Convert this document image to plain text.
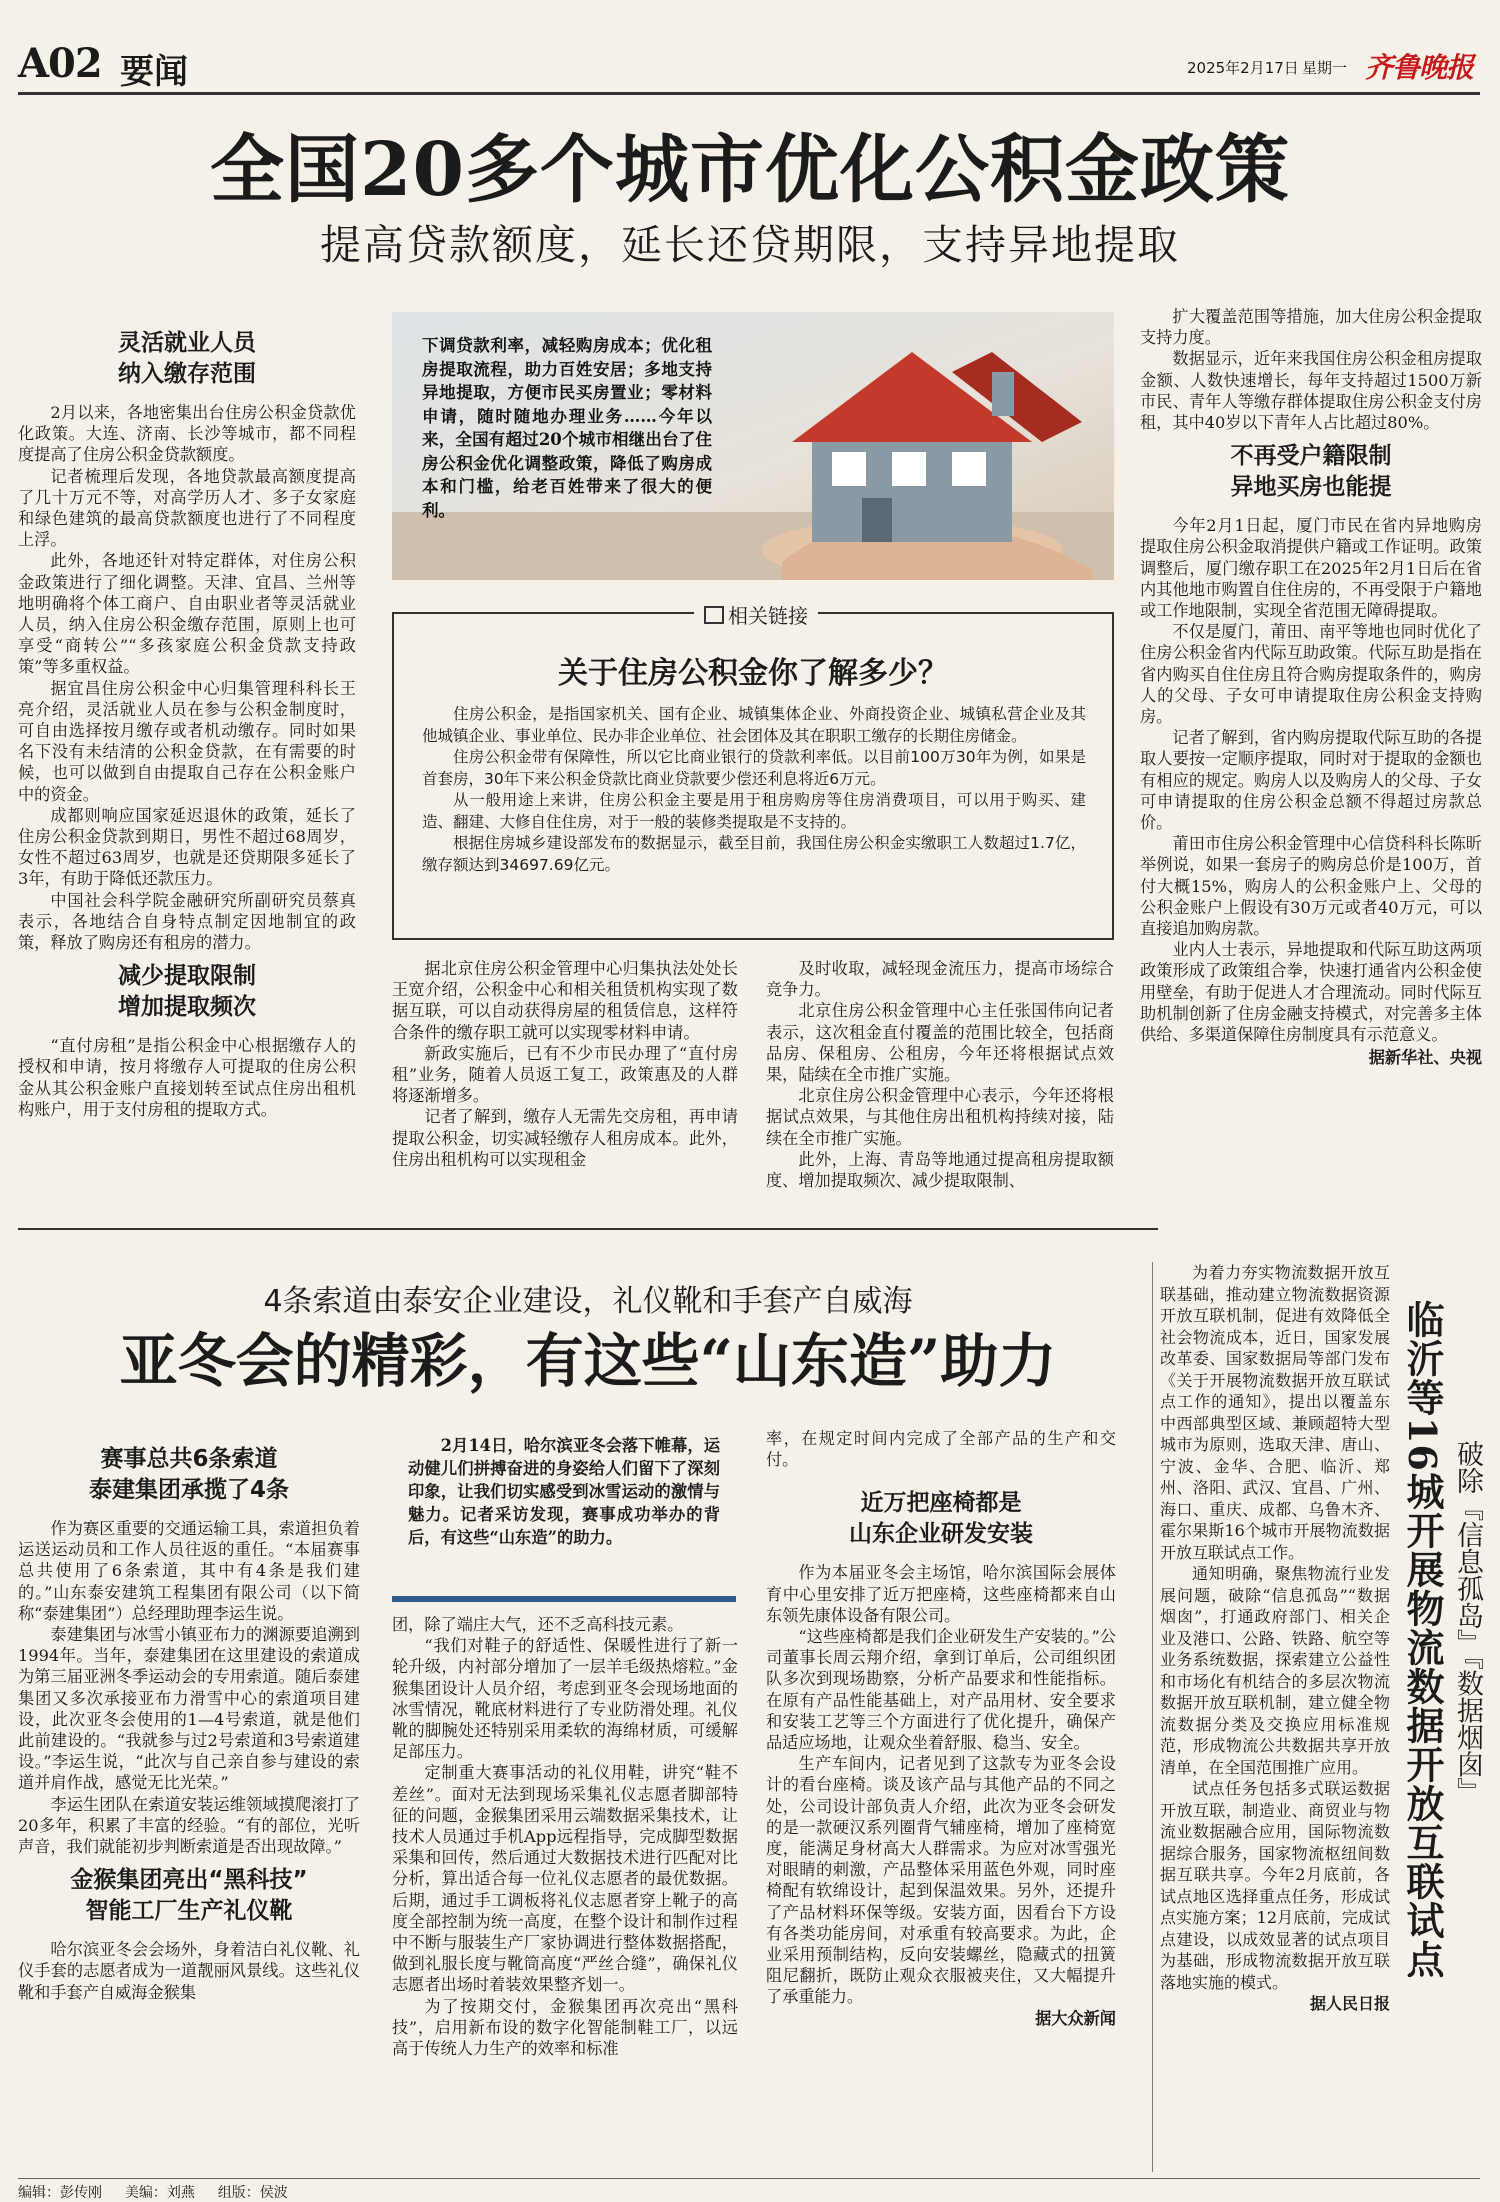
A02 要闻	2025年2月17日 星期一 齐鲁晚报
全国20多个城市优化公积金政策
提高贷款额度，延长还贷期限，支持异地提取
灵活就业人员
纳入缴存范围

2月以来，各地密集出台住房公积金贷款优化政策。大连、济南、长沙等城市，都不同程度提高了住房公积金贷款额度。

记者梳理后发现，各地贷款最高额度提高了几十万元不等，对高学历人才、多子女家庭和绿色建筑的最高贷款额度也进行了不同程度上浮。

此外，各地还针对特定群体，对住房公积金政策进行了细化调整。天津、宜昌、兰州等地明确将个体工商户、自由职业者等灵活就业人员，纳入住房公积金缴存范围，原则上也可享受“商转公”“多孩家庭公积金贷款支持政策”等多重权益。

据宜昌住房公积金中心归集管理科科长王亮介绍，灵活就业人员在参与公积金制度时，可自由选择按月缴存或者机动缴存。同时如果名下没有未结清的公积金贷款，在有需要的时候，也可以做到自由提取自己存在公积金账户中的资金。

成都则响应国家延迟退休的政策，延长了住房公积金贷款到期日，男性不超过68周岁，女性不超过63周岁，也就是还贷期限多延长了3年，有助于降低还款压力。

中国社会科学院金融研究所副研究员蔡真表示，各地结合自身特点制定因地制宜的政策，释放了购房还有租房的潜力。

减少提取限制
增加提取频次

“直付房租”是指公积金中心根据缴存人的授权和申请，按月将缴存人可提取的住房公积金从其公积金账户直接划转至试点住房出租机构账户，用于支付房租的提取方式。

下调贷款利率，减轻购房成本；优化租房提取流程，助力百姓安居；多地支持异地提取，方便市民买房置业；零材料申请，随时随地办理业务……今年以来，全国有超过20个城市相继出台了住房公积金优化调整政策，降低了购房成本和门槛，给老百姓带来了很大的便利。
相关链接
关于住房公积金你了解多少？

住房公积金，是指国家机关、国有企业、城镇集体企业、外商投资企业、城镇私营企业及其他城镇企业、事业单位、民办非企业单位、社会团体及其在职职工缴存的长期住房储金。

住房公积金带有保障性，所以它比商业银行的贷款利率低。以目前100万30年为例，如果是首套房，30年下来公积金贷款比商业贷款要少偿还利息将近6万元。

从一般用途上来讲，住房公积金主要是用于租房购房等住房消费项目，可以用于购买、建造、翻建、大修自住住房，对于一般的装修类提取是不支持的。

根据住房城乡建设部发布的数据显示，截至目前，我国住房公积金实缴职工人数超过1.7亿，缴存额达到34697.69亿元。

据北京住房公积金管理中心归集执法处处长王宽介绍，公积金中心和相关租赁机构实现了数据互联，可以自动获得房屋的租赁信息，这样符合条件的缴存职工就可以实现零材料申请。

新政实施后，已有不少市民办理了“直付房租”业务，随着人员返工复工，政策惠及的人群将逐渐增多。

记者了解到，缴存人无需先交房租，再申请提取公积金，切实减轻缴存人租房成本。此外，住房出租机构可以实现租金

及时收取，减轻现金流压力，提高市场综合竞争力。

北京住房公积金管理中心主任张国伟向记者表示，这次租金直付覆盖的范围比较全，包括商品房、保租房、公租房，今年还将根据试点效果，陆续在全市推广实施。

北京住房公积金管理中心表示，今年还将根据试点效果，与其他住房出租机构持续对接，陆续在全市推广实施。

此外，上海、青岛等地通过提高租房提取额度、增加提取频次、减少提取限制、

扩大覆盖范围等措施，加大住房公积金提取支持力度。

数据显示，近年来我国住房公积金租房提取金额、人数快速增长，每年支持超过1500万新市民、青年人等缴存群体提取住房公积金支付房租，其中40岁以下青年人占比超过80%。

不再受户籍限制
异地买房也能提

今年2月1日起，厦门市民在省内异地购房提取住房公积金取消提供户籍或工作证明。政策调整后，厦门缴存职工在2025年2月1日后在省内其他地市购置自住住房的，不再受限于户籍地或工作地限制，实现全省范围无障碍提取。

不仅是厦门，莆田、南平等地也同时优化了住房公积金省内代际互助政策。代际互助是指在省内购买自住住房且符合购房提取条件的，购房人的父母、子女可申请提取住房公积金支持购房。

记者了解到，省内购房提取代际互助的各提取人要按一定顺序提取，同时对于提取的金额也有相应的规定。购房人以及购房人的父母、子女可申请提取的住房公积金总额不得超过房款总价。

莆田市住房公积金管理中心信贷科科长陈昕举例说，如果一套房子的购房总价是100万，首付大概15%，购房人的公积金账户上、父母的公积金账户上假设有30万元或者40万元，可以直接追加购房款。

业内人士表示，异地提取和代际互助这两项政策形成了政策组合拳，快速打通省内公积金使用壁垒，有助于促进人才合理流动。同时代际互助机制创新了住房金融支持模式，对完善多主体供给、多渠道保障住房制度具有示范意义。

据新华社、央视
4条索道由泰安企业建设，礼仪靴和手套产自威海
亚冬会的精彩，有这些“山东造”助力
赛事总共6条索道
泰建集团承揽了4条

作为赛区重要的交通运输工具，索道担负着运送运动员和工作人员往返的重任。“本届赛事总共使用了6条索道，其中有4条是我们建的。”山东泰安建筑工程集团有限公司（以下简称“泰建集团”）总经理助理李运生说。

泰建集团与冰雪小镇亚布力的渊源要追溯到1994年。当年，泰建集团在这里建设的索道成为第三届亚洲冬季运动会的专用索道。随后泰建集团又多次承接亚布力滑雪中心的索道项目建设，此次亚冬会使用的1—4号索道，就是他们此前建设的。“我就参与过2号索道和3号索道建设。”李运生说，“此次与自己亲自参与建设的索道并肩作战，感觉无比光荣。”

李运生团队在索道安装运维领域摸爬滚打了20多年，积累了丰富的经验。“有的部位，光听声音，我们就能初步判断索道是否出现故障。”

金猴集团亮出“黑科技”
智能工厂生产礼仪靴

哈尔滨亚冬会会场外，身着洁白礼仪靴、礼仪手套的志愿者成为一道靓丽风景线。这些礼仪靴和手套产自威海金猴集

2月14日，哈尔滨亚冬会落下帷幕，运动健儿们拼搏奋进的身姿给人们留下了深刻印象，让我们切实感受到冰雪运动的激情与魅力。记者采访发现，赛事成功举办的背后，有这些“山东造”的助力。

团，除了端庄大气，还不乏高科技元素。

“我们对鞋子的舒适性、保暖性进行了新一轮升级，内衬部分增加了一层羊毛级热熔粒。”金猴集团设计人员介绍，考虑到亚冬会现场地面的冰雪情况，靴底材料进行了专业防滑处理。礼仪靴的脚腕处还特别采用柔软的海绵材质，可缓解足部压力。

定制重大赛事活动的礼仪用鞋，讲究“鞋不差丝”。面对无法到现场采集礼仪志愿者脚部特征的问题，金猴集团采用云端数据采集技术，让技术人员通过手机App远程指导，完成脚型数据采集和回传，然后通过大数据技术进行匹配对比分析，算出适合每一位礼仪志愿者的最优数据。后期，通过手工调板将礼仪志愿者穿上靴子的高度全部控制为统一高度，在整个设计和制作过程中不断与服装生产厂家协调进行整体数据搭配，做到礼服长度与靴筒高度“严丝合缝”，确保礼仪志愿者出场时着装效果整齐划一。

为了按期交付，金猴集团再次亮出“黑科技”，启用新布设的数字化智能制鞋工厂，以远高于传统人力生产的效率和标准

率，在规定时间内完成了全部产品的生产和交付。

近万把座椅都是
山东企业研发安装

作为本届亚冬会主场馆，哈尔滨国际会展体育中心里安排了近万把座椅，这些座椅都来自山东领先康体设备有限公司。

“这些座椅都是我们企业研发生产安装的。”公司董事长周云翔介绍，拿到订单后，公司组织团队多次到现场勘察，分析产品要求和性能指标。在原有产品性能基础上，对产品用材、安全要求和安装工艺等三个方面进行了优化提升，确保产品适应场地，让观众坐着舒服、稳当、安全。

生产车间内，记者见到了这款专为亚冬会设计的看台座椅。谈及该产品与其他产品的不同之处，公司设计部负责人介绍，此次为亚冬会研发的是一款硬汉系列圈背气辅座椅，增加了座椅宽度，能满足身材高大人群需求。为应对冰雪强光对眼睛的刺激，产品整体采用蓝色外观，同时座椅配有软绵设计，起到保温效果。另外，还提升了产品材料环保等级。安装方面，因看台下方设有各类功能房间，对承重有较高要求。为此，企业采用预制结构，反向安装螺丝，隐藏式的扭簧阻尼翻折，既防止观众衣服被夹住，又大幅提升了承重能力。

据大众新闻

为着力夯实物流数据开放互联基础，推动建立物流数据资源开放互联机制，促进有效降低全社会物流成本，近日，国家发展改革委、国家数据局等部门发布《关于开展物流数据开放互联试点工作的通知》，提出以覆盖东中西部典型区域、兼顾超特大型城市为原则，选取天津、唐山、宁波、金华、合肥、临沂、郑州、洛阳、武汉、宜昌、广州、海口、重庆、成都、乌鲁木齐、霍尔果斯16个城市开展物流数据开放互联试点工作。

通知明确，聚焦物流行业发展问题，破除“信息孤岛”“数据烟囱”，打通政府部门、相关企业及港口、公路、铁路、航空等业务系统数据，探索建立公益性和市场化有机结合的多层次物流数据开放互联机制，建立健全物流数据分类及交换应用标准规范，形成物流公共数据共享开放清单，在全国范围推广应用。

试点任务包括多式联运数据开放互联，制造业、商贸业与物流业数据融合应用，国际物流数据综合服务，国家物流枢纽间数据互联共享。今年2月底前，各试点地区选择重点任务，形成试点实施方案；12月底前，完成试点建设，以成效显著的试点项目为基础，形成物流数据开放互联落地实施的模式。

据人民日报
临沂等16城开展物流数据开放互联试点 破除『信息孤岛』『数据烟囱』
编辑：彭传刚 美编：刘燕 组版：侯波
